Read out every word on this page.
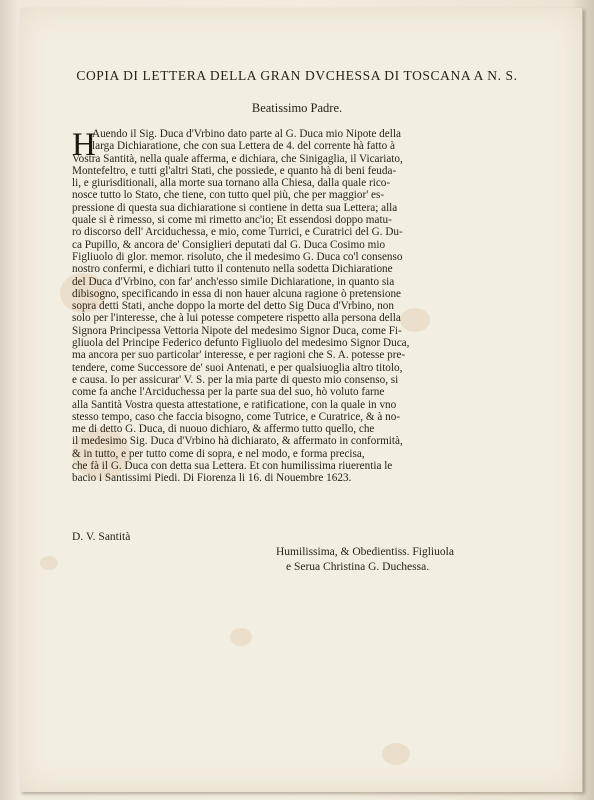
COPIA DI LETTERA DELLA GRAN DVCHESSA DI TOSCANA A N. S.
Beatissimo Padre.
H
Auendo il Sig. Duca d'Vrbino dato parte al G. Duca mio Nipote della
larga Dichiaratione, che con sua Lettera de 4. del corrente hà fatto à
Vostra Santità, nella quale afferma, e dichiara, che Sinigaglia, il Vicariato,
Montefeltro, e tutti gl'altri Stati, che possiede, e quanto hà di beni feuda-
li, e giurisditionali, alla morte sua tornano alla Chiesa, dalla quale rico-
nosce tutto lo Stato, che tiene, con tutto quel più, che per maggior' es-
pressione di questa sua dichiaratione si contiene in detta sua Lettera; alla
quale si è rimesso, si come mi rimetto anc'io; Et essendosi doppo matu-
ro discorso dell' Arciduchessa, e mio, come Turrici, e Curatrici del G. Du-
ca Pupillo, & ancora de' Consiglieri deputati dal G. Duca Cosimo mio
Figliuolo di glor. memor. risoluto, che il medesimo G. Duca co'l consenso
nostro confermi, e dichiari tutto il contenuto nella sodetta Dichiaratione
del Duca d'Vrbino, con far' anch'esso simile Dichiaratione, in quanto sia
dibisogno, specificando in essa di non hauer alcuna ragione ò pretensione
sopra detti Stati, anche doppo la morte del detto Sig Duca d'Vrbino, non
solo per l'interesse, che à lui potesse competere rispetto alla persona della
Signora Principessa Vettoria Nipote del medesimo Signor Duca, come Fi-
gliuola del Principe Federico defunto Figliuolo del medesimo Signor Duca,
ma ancora per suo particolar' interesse, e per ragioni che S. A. potesse pre-
tendere, come Successore de' suoi Antenati, e per qualsiuoglia altro titolo,
e causa. Io per assicurar' V. S. per la mia parte di questo mio consenso, si
come fa anche l'Arciduchessa per la parte sua del suo, hò voluto farne
alla Santità Vostra questa attestatione, e ratificatione, con la quale in vno
stesso tempo, caso che faccia bisogno, come Tutrice, e Curatrice, & à no-
me di detto G. Duca, di nuouo dichiaro, & affermo tutto quello, che
il medesimo Sig. Duca d'Vrbino hà dichiarato, & affermato in conformità,
& in tutto, e per tutto come di sopra, e nel modo, e forma precisa,
che fà il G. Duca con detta sua Lettera. Et con humilissima riuerentia le
bacio i Santissimi Piedi. Di Fiorenza li 16. di Nouembre 1623.
D. V. Santità
Humilissima, & Obedientiss. Figliuola
e Serua Christina G. Duchessa.
